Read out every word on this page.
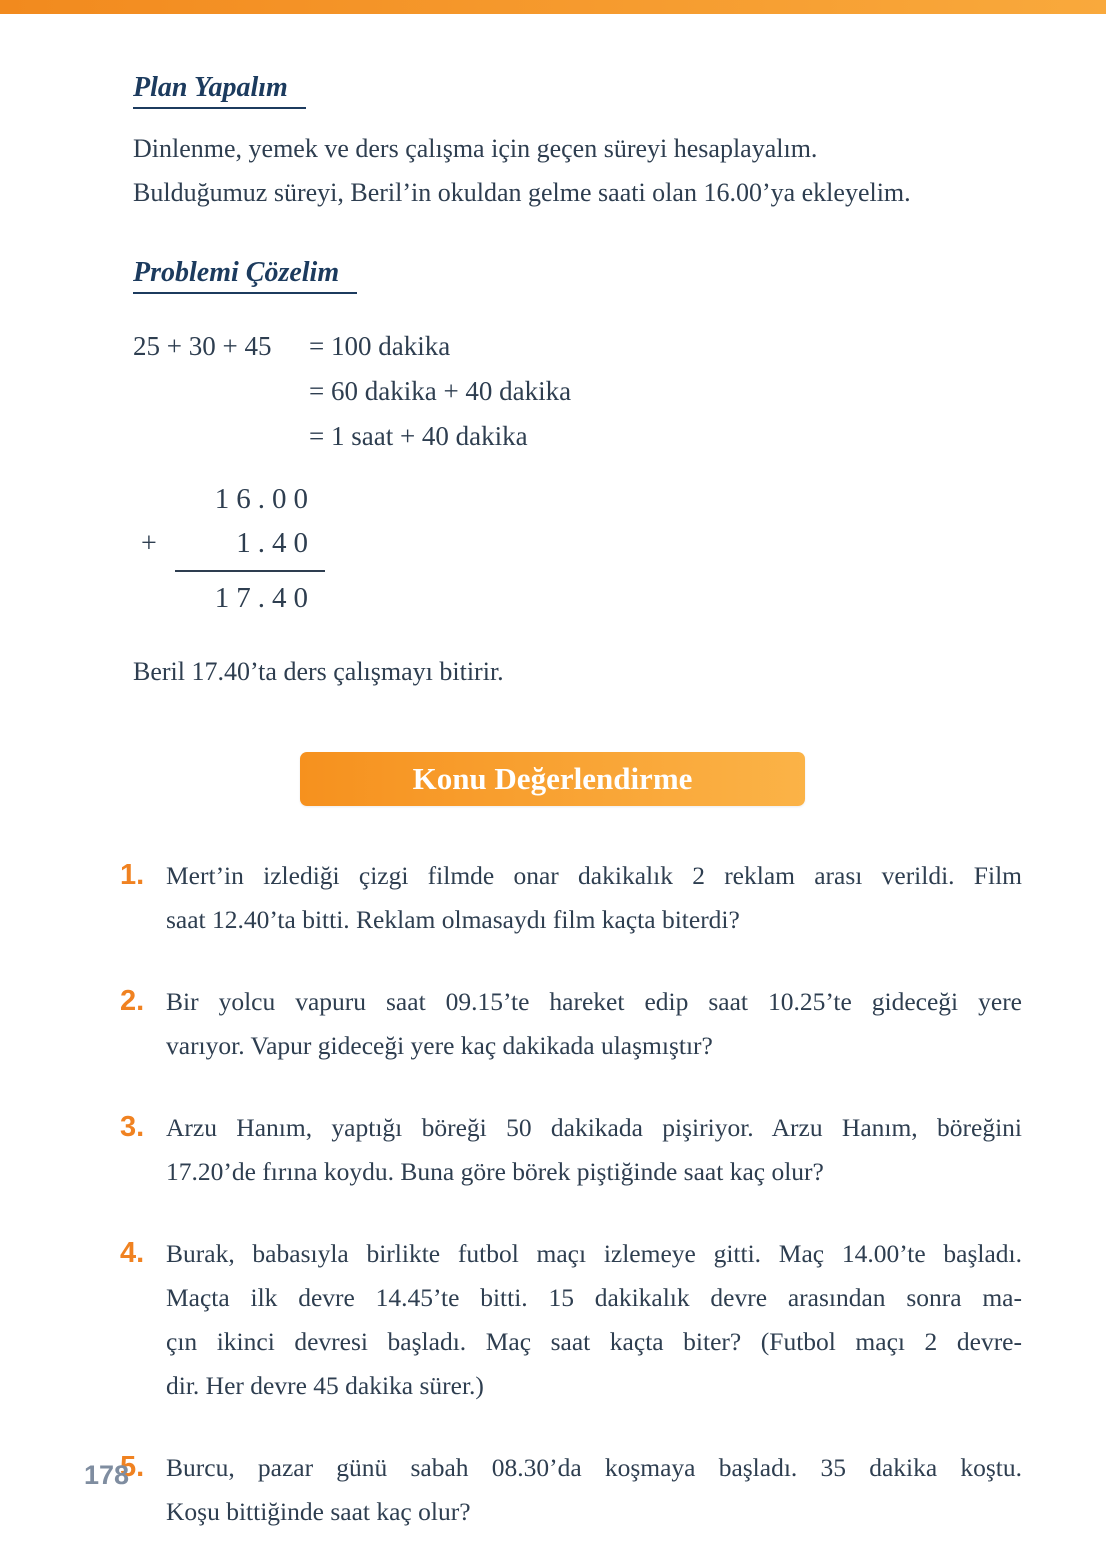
Plan Yapalım

Dinlenme, yemek ve ders çalışma için geçen süreyi hesaplayalım.

Bulduğumuz süreyi, Beril’in okuldan gelme saati olan 16.00’ya ekleyelim.

Problemi Çözelim
25 + 30 + 45	= 100 dakika
= 60 dakika + 40 dakika
= 1 saat + 40 dakika
16.00
+	1.40
17.40

Beril 17.40’ta ders çalışmayı bitirir.

Konu Değerlendirme
1. Mert’in izlediği çizgi filmde onar dakikalık 2 reklam arası verildi. Film
saat 12.40’ta bitti. Reklam olmasaydı film kaçta biterdi?
2. Bir yolcu vapuru saat 09.15’te hareket edip saat 10.25’te gideceği yere
varıyor. Vapur gideceği yere kaç dakikada ulaşmıştır?
3. Arzu Hanım, yaptığı böreği 50 dakikada pişiriyor. Arzu Hanım, böreğini
17.20’de fırına koydu. Buna göre börek piştiğinde saat kaç olur?
4. Burak, babasıyla birlikte futbol maçı izlemeye gitti. Maç 14.00’te başladı.
Maçta ilk devre 14.45’te bitti. 15 dakikalık devre arasından sonra ma-
çın ikinci devresi başladı. Maç saat kaçta biter? (Futbol maçı 2 devre-
dir. Her devre 45 dakika sürer.)
5. Burcu, pazar günü sabah 08.30’da koşmaya başladı. 35 dakika koştu.
Koşu bittiğinde saat kaç olur?
178
